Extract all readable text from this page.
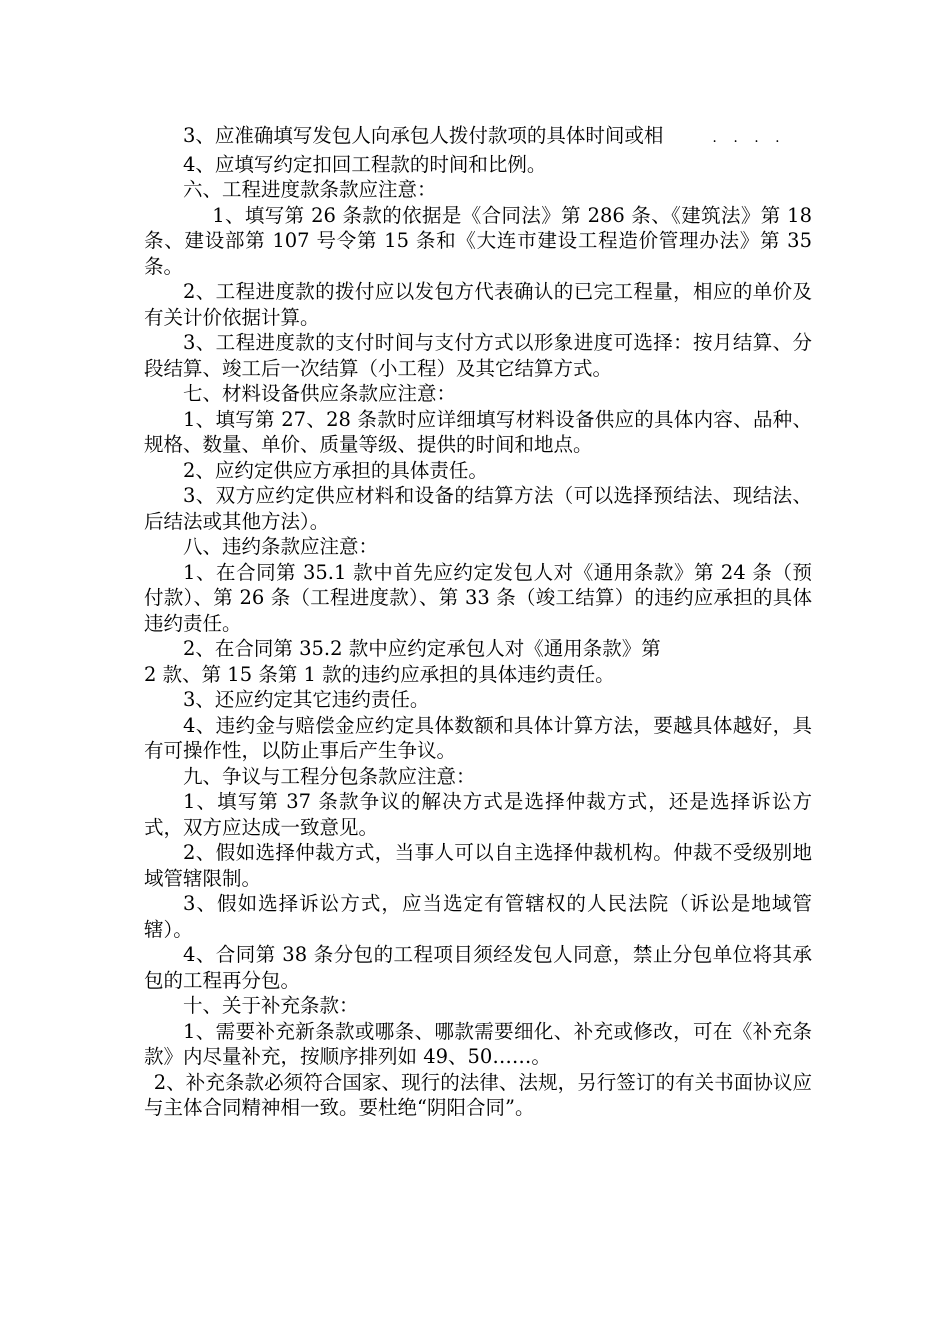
3、应准确填写发包人向承包人拨付款项的具体时间或相	. . . .

4、应填写约定扣回工程款的时间和比例。

六、工程进度款条款应注意：

1、填写第 26 条款的依据是《合同法》第 286 条、《建筑法》第 18 条、建设部第 107 号令第 15 条和《大连市建设工程造价管理办法》第 35 条。

2、工程进度款的拨付应以发包方代表确认的已完工程量，相应的单价及有关计价依据计算。

3、工程进度款的支付时间与支付方式以形象进度可选择：按月结算、分段结算、竣工后一次结算（小工程）及其它结算方式。

七、材料设备供应条款应注意：

1、填写第 27、28 条款时应详细填写材料设备供应的具体内容、品种、规格、数量、单价、质量等级、提供的时间和地点。

2、应约定供应方承担的具体责任。

3、双方应约定供应材料和设备的结算方法（可以选择预结法、现结法、后结法或其他方法）。

八、违约条款应注意：

1、在合同第 35.1 款中首先应约定发包人对《通用条款》第 24 条（预付款）、第 26 条（工程进度款）、第 33 条（竣工结算）的违约应承担的具体违约责任。

2、在合同第 35.2 款中应约定承包人对《通用条款》第

2 款、第 15 条第 1 款的违约应承担的具体违约责任。

3、还应约定其它违约责任。

4、违约金与赔偿金应约定具体数额和具体计算方法，要越具体越好，具有可操作性，以防止事后产生争议。

九、争议与工程分包条款应注意：

1、填写第 37 条款争议的解决方式是选择仲裁方式，还是选择诉讼方式，双方应达成一致意见。

2、假如选择仲裁方式，当事人可以自主选择仲裁机构。仲裁不受级别地域管辖限制。

3、假如选择诉讼方式，应当选定有管辖权的人民法院（诉讼是地域管辖）。

4、合同第 38 条分包的工程项目须经发包人同意，禁止分包单位将其承包的工程再分包。

十、关于补充条款：

1、需要补充新条款或哪条、哪款需要细化、补充或修改，可在《补充条款》内尽量补充，按顺序排列如 49、50……。

2、补充条款必须符合国家、现行的法律、法规，另行签订的有关书面协议应与主体合同精神相一致。要杜绝“阴阳合同”。
